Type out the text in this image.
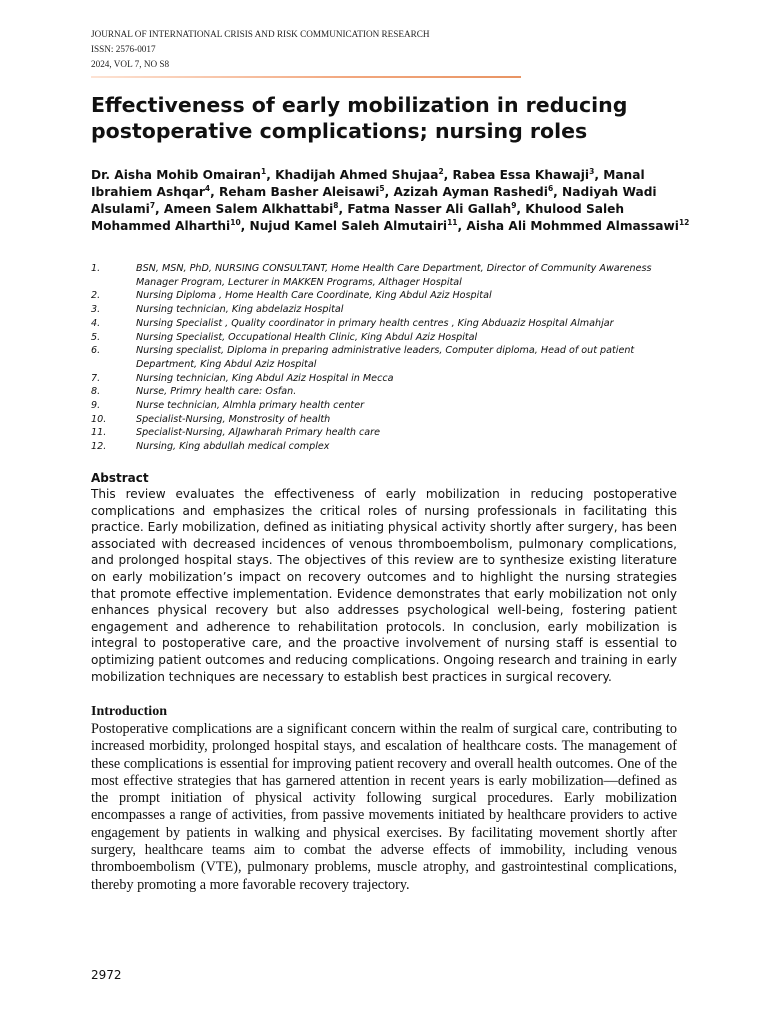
JOURNAL OF INTERNATIONAL CRISIS AND RISK COMMUNICATION RESEARCH
ISSN: 2576-0017
2024, VOL 7, NO S8
Effectiveness of early mobilization in reducing postoperative complications; nursing roles
Dr. Aisha Mohib Omairan$^1$, Khadijah Ahmed Shujaa$^2$, Rabea Essa Khawaji$^3$, Manal Ibrahiem Ashqar$^4$, Reham Basher Aleisawi$^5$, Azizah Ayman Rashedi$^6$, Nadiyah Wadi Alsulami$^7$, Ameen Salem Alkhattabi$^8$, Fatma Nasser Ali Gallah$^9$, Khulood Saleh Mohammed Alharthi$^{10}$, Nujud Kamel Saleh Almutairi$^{11}$, Aisha Ali Mohmmed Almassawi$^{12}$
1.	BSN, MSN, PhD, NURSING CONSULTANT, Home Health Care Department, Director of Community Awareness Manager Program, Lecturer in MAKKEN Programs, Althager Hospital
2.	Nursing Diploma , Home Health Care Coordinate, King Abdul Aziz Hospital
3.	Nursing technician, King abdelaziz Hospital
4.	Nursing Specialist , Quality coordinator in primary health centres , King Abduaziz Hospital Almahjar
5.	Nursing Specialist, Occupational Health Clinic, King Abdul Aziz Hospital
6.	Nursing specialist, Diploma in preparing administrative leaders, Computer diploma, Head of out patient Department, King Abdul Aziz Hospital
7.	Nursing technician, King Abdul Aziz Hospital in Mecca
8.	Nurse, Primry health care: Osfan.
9.	Nurse technician, Almhla primary health center
10.	Specialist-Nursing, Monstrosity of health
11.	Specialist-Nursing, AlJawharah Primary health care
12.	Nursing, King abdullah medical complex
Abstract

This review evaluates the effectiveness of early mobilization in reducing postoperative complications and emphasizes the critical roles of nursing professionals in facilitating this practice. Early mobilization, defined as initiating physical activity shortly after surgery, has been associated with decreased incidences of venous thromboembolism, pulmonary complications, and prolonged hospital stays. The objectives of this review are to synthesize existing literature on early mobilization’s impact on recovery outcomes and to highlight the nursing strategies that promote effective implementation. Evidence demonstrates that early mobilization not only enhances physical recovery but also addresses psychological well-being, fostering patient engagement and adherence to rehabilitation protocols. In conclusion, early mobilization is integral to postoperative care, and the proactive involvement of nursing staff is essential to optimizing patient outcomes and reducing complications. Ongoing research and training in early mobilization techniques are necessary to establish best practices in surgical recovery.

Introduction

Postoperative complications are a significant concern within the realm of surgical care, contributing to increased morbidity, prolonged hospital stays, and escalation of healthcare costs. The management of these complications is essential for improving patient recovery and overall health outcomes. One of the most effective strategies that has garnered attention in recent years is early mobilization—defined as the prompt initiation of physical activity following surgical procedures. Early mobilization encompasses a range of activities, from passive movements initiated by healthcare providers to active engagement by patients in walking and physical exercises. By facilitating movement shortly after surgery, healthcare teams aim to combat the adverse effects of immobility, including venous thromboembolism (VTE), pulmonary problems, muscle atrophy, and gastrointestinal complications, thereby promoting a more favorable recovery trajectory.

2972
